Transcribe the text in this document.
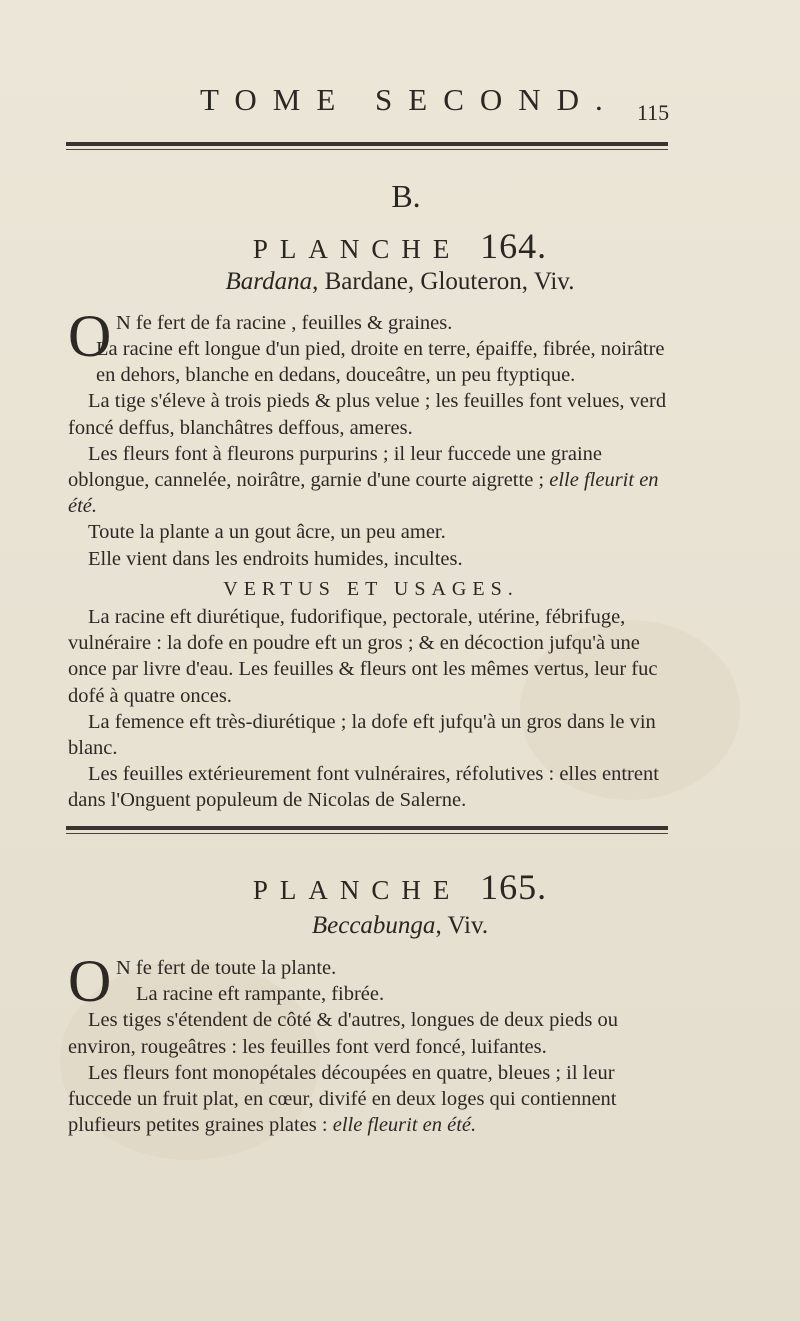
TOME SECOND. 115
B.
PLANCHE 164.
Bardana, Bardane, Glouteron, Viv.

O N fe fert de fa racine , feuilles & graines.

La racine eft longue d'un pied, droite en terre, épaiffe, fibrée, noirâtre en dehors, blanche en dedans, douceâtre, un peu ftyptique.

La tige s'éleve à trois pieds & plus velue ; les feuilles font velues, verd foncé deffus, blanchâtres deffous, ameres.

Les fleurs font à fleurons purpurins ; il leur fuccede une graine oblongue, cannelée, noirâtre, garnie d'une courte aigrette ; elle fleurit en été.

Toute la plante a un gout âcre, un peu amer.

Elle vient dans les endroits humides, incultes.

VERTUS ET USAGES.

La racine eft diurétique, fudorifique, pectorale, utérine, fébrifuge, vulnéraire : la dofe en poudre eft un gros ; & en décoction jufqu'à une once par livre d'eau. Les feuilles & fleurs ont les mêmes vertus, leur fuc dofé à quatre onces.

La femence eft très-diurétique ; la dofe eft jufqu'à un gros dans le vin blanc.

Les feuilles extérieurement font vulnéraires, réfolutives : elles entrent dans l'Onguent populeum de Nicolas de Salerne.

PLANCHE 165.
Beccabunga, Viv.

O N fe fert de toute la plante.
La racine eft rampante, fibrée.

Les tiges s'étendent de côté & d'autres, longues de deux pieds ou environ, rougeâtres : les feuilles font verd foncé, luifantes.

Les fleurs font monopétales découpées en quatre, bleues ; il leur fuccede un fruit plat, en cœur, divifé en deux loges qui contiennent plufieurs petites graines plates : elle fleurit en été.
